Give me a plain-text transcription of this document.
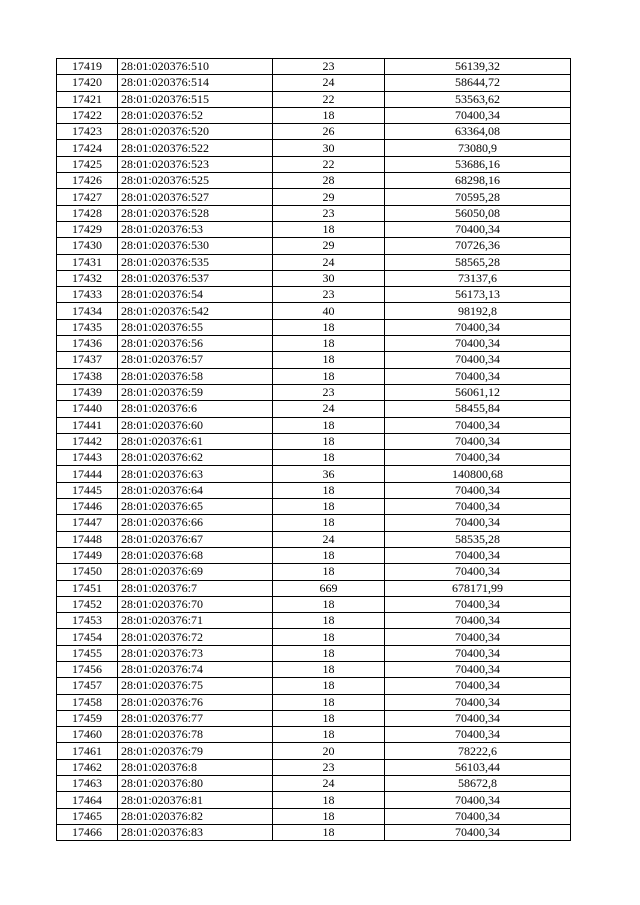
17419	28:01:020376:510	23	56139,32
17420	28:01:020376:514	24	58644,72
17421	28:01:020376:515	22	53563,62
17422	28:01:020376:52	18	70400,34
17423	28:01:020376:520	26	63364,08
17424	28:01:020376:522	30	73080,9
17425	28:01:020376:523	22	53686,16
17426	28:01:020376:525	28	68298,16
17427	28:01:020376:527	29	70595,28
17428	28:01:020376:528	23	56050,08
17429	28:01:020376:53	18	70400,34
17430	28:01:020376:530	29	70726,36
17431	28:01:020376:535	24	58565,28
17432	28:01:020376:537	30	73137,6
17433	28:01:020376:54	23	56173,13
17434	28:01:020376:542	40	98192,8
17435	28:01:020376:55	18	70400,34
17436	28:01:020376:56	18	70400,34
17437	28:01:020376:57	18	70400,34
17438	28:01:020376:58	18	70400,34
17439	28:01:020376:59	23	56061,12
17440	28:01:020376:6	24	58455,84
17441	28:01:020376:60	18	70400,34
17442	28:01:020376:61	18	70400,34
17443	28:01:020376:62	18	70400,34
17444	28:01:020376:63	36	140800,68
17445	28:01:020376:64	18	70400,34
17446	28:01:020376:65	18	70400,34
17447	28:01:020376:66	18	70400,34
17448	28:01:020376:67	24	58535,28
17449	28:01:020376:68	18	70400,34
17450	28:01:020376:69	18	70400,34
17451	28:01:020376:7	669	678171,99
17452	28:01:020376:70	18	70400,34
17453	28:01:020376:71	18	70400,34
17454	28:01:020376:72	18	70400,34
17455	28:01:020376:73	18	70400,34
17456	28:01:020376:74	18	70400,34
17457	28:01:020376:75	18	70400,34
17458	28:01:020376:76	18	70400,34
17459	28:01:020376:77	18	70400,34
17460	28:01:020376:78	18	70400,34
17461	28:01:020376:79	20	78222,6
17462	28:01:020376:8	23	56103,44
17463	28:01:020376:80	24	58672,8
17464	28:01:020376:81	18	70400,34
17465	28:01:020376:82	18	70400,34
17466	28:01:020376:83	18	70400,34
